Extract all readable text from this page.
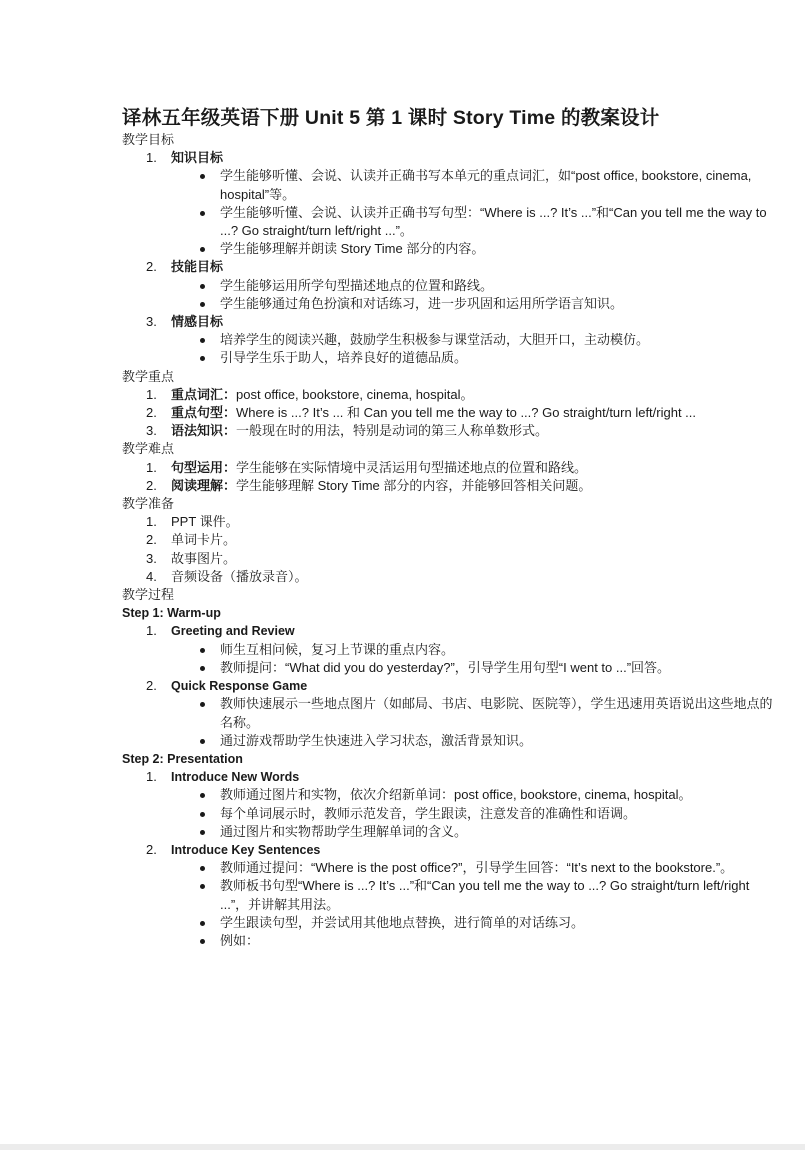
译林五年级英语下册 Unit 5 第 1 课时 Story Time 的教案设计
教学目标
1.	知识目标
学生能够听懂、会说、认读并正确书写本单元的重点词汇，如“post office, bookstore, cinema, hospital”等。
学生能够听懂、会说、认读并正确书写句型：“Where is ...? It’s ...”和“Can you tell me the way to ...? Go straight/turn left/right ...”。
学生能够理解并朗读 Story Time 部分的内容。
2.	技能目标
学生能够运用所学句型描述地点的位置和路线。
学生能够通过角色扮演和对话练习，进一步巩固和运用所学语言知识。
3.	情感目标
培养学生的阅读兴趣，鼓励学生积极参与课堂活动，大胆开口，主动模仿。
引导学生乐于助人，培养良好的道德品质。
教学重点
1.	重点词汇：post office, bookstore, cinema, hospital。
2.	重点句型：Where is ...? It’s ... 和 Can you tell me the way to ...? Go straight/turn left/right ...
3.	语法知识：一般现在时的用法，特别是动词的第三人称单数形式。
教学难点
1.	句型运用：学生能够在实际情境中灵活运用句型描述地点的位置和路线。
2.	阅读理解：学生能够理解 Story Time 部分的内容，并能够回答相关问题。
教学准备
1.	PPT 课件。
2.	单词卡片。
3.	故事图片。
4.	音频设备（播放录音）。
教学过程
Step 1: Warm-up
1.	Greeting and Review
师生互相问候，复习上节课的重点内容。
教师提问：“What did you do yesterday?”，引导学生用句型“I went to ...”回答。
2.	Quick Response Game
教师快速展示一些地点图片（如邮局、书店、电影院、医院等），学生迅速用英语说出这些地点的名称。
通过游戏帮助学生快速进入学习状态，激活背景知识。
Step 2: Presentation
1.	Introduce New Words
教师通过图片和实物，依次介绍新单词：post office, bookstore, cinema, hospital。
每个单词展示时，教师示范发音，学生跟读，注意发音的准确性和语调。
通过图片和实物帮助学生理解单词的含义。
2.	Introduce Key Sentences
教师通过提问：“Where is the post office?”，引导学生回答：“It’s next to the bookstore.”。
教师板书句型“Where is ...? It’s ...”和“Can you tell me the way to ...? Go straight/turn left/right ...”，并讲解其用法。
学生跟读句型，并尝试用其他地点替换，进行简单的对话练习。
例如：
